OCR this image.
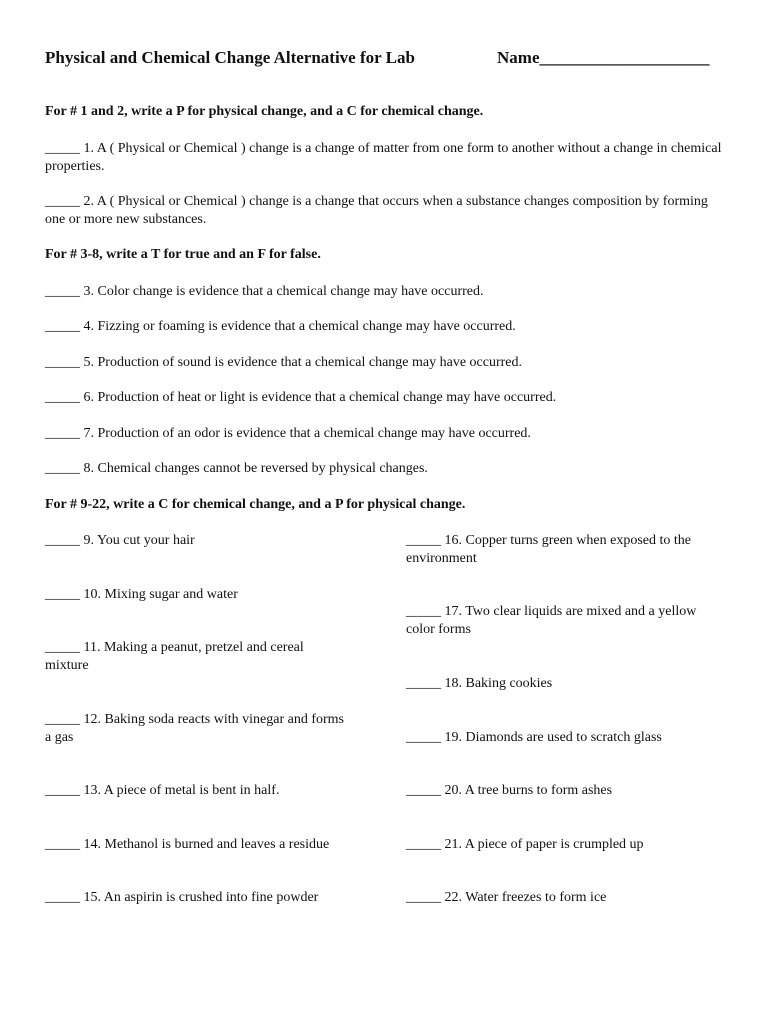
Physical and Chemical Change Alternative for Lab	Name____________________
For # 1 and 2, write a P for physical change, and a C for chemical change.
_____ 1. A ( Physical or Chemical ) change is a change of matter from one form to another without a change in chemical properties.
_____ 2. A ( Physical or Chemical ) change is a change that occurs when a substance changes composition by forming one or more new substances.
For # 3-8, write a T for true and an F for false.
_____ 3. Color change is evidence that a chemical change may have occurred.
_____ 4. Fizzing or foaming is evidence that a chemical change may have occurred.
_____ 5. Production of sound is evidence that a chemical change may have occurred.
_____ 6. Production of heat or light is evidence that a chemical change may have occurred.
_____ 7. Production of an odor is evidence that a chemical change may have occurred.
_____ 8. Chemical changes cannot be reversed by physical changes.
For # 9-22, write a C for chemical change, and a P for physical change.
_____ 9. You cut your hair
_____ 10. Mixing sugar and water
_____ 11. Making a peanut, pretzel and cereal mixture
_____ 12. Baking soda reacts with vinegar and forms a gas
_____ 13. A piece of metal is bent in half.
_____ 14. Methanol is burned and leaves a residue
_____ 15. An aspirin is crushed into fine powder
_____ 16. Copper turns green when exposed to the environment
_____ 17. Two clear liquids are mixed and a yellow color forms
_____ 18. Baking cookies
_____ 19. Diamonds are used to scratch glass
_____ 20. A tree burns to form ashes
_____ 21. A piece of paper is crumpled up
_____ 22. Water freezes to form ice
